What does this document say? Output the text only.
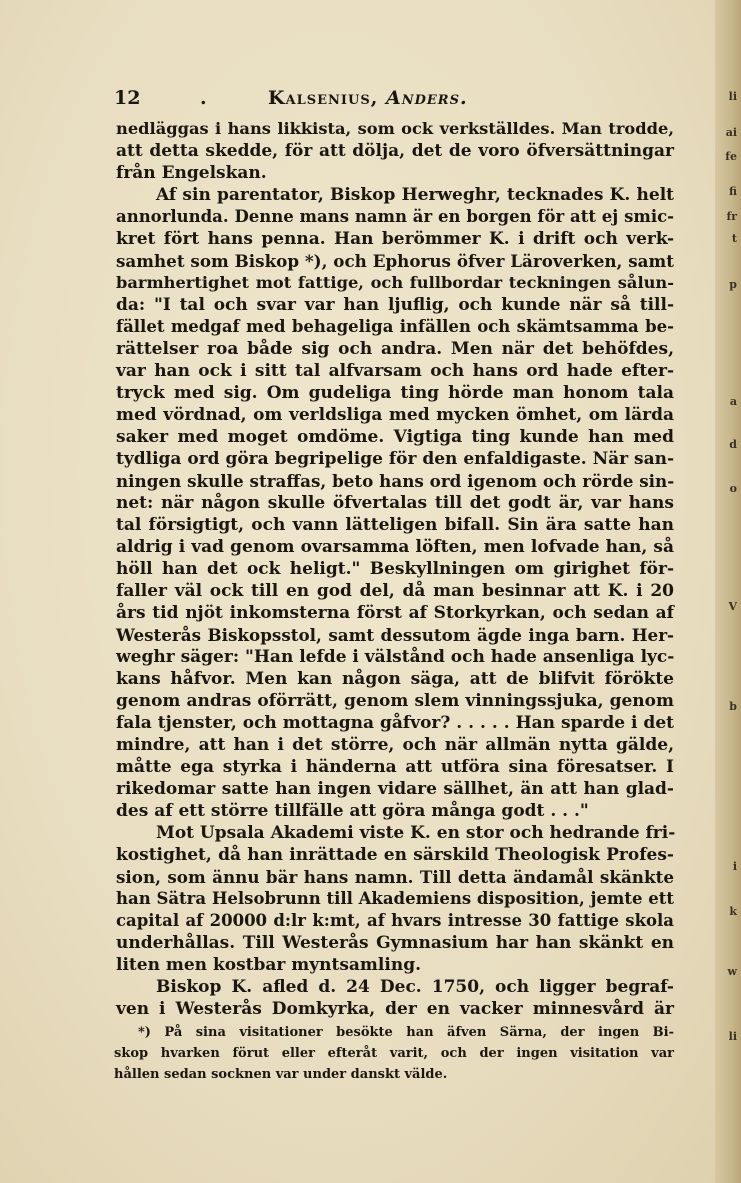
li
ai
fe
fi
fr
t
p
a
d
o
V
b
i
k
w
li
12	.	Kalsenius, Anders.
nedläggas i hans likkista, som ock verkställdes. Man trodde,
att detta skedde, för att dölja, det de voro öfversättningar
från Engelskan.
Af sin parentator, Biskop Herweghr, tecknades K. helt
annorlunda. Denne mans namn är en borgen för att ej smic-
kret fört hans penna. Han berömmer K. i drift och verk-
samhet som Biskop *), och Ephorus öfver Läroverken, samt
barmhertighet mot fattige, och fullbordar teckningen sålun-
da: "I tal och svar var han ljuflig, och kunde när så till-
fället medgaf med behageliga infällen och skämtsamma be-
rättelser roa både sig och andra. Men när det behöfdes,
var han ock i sitt tal alfvarsam och hans ord hade efter-
tryck med sig. Om gudeliga ting hörde man honom tala
med vördnad, om verldsliga med mycken ömhet, om lärda
saker med moget omdöme. Vigtiga ting kunde han med
tydliga ord göra begripelige för den enfaldigaste. När san-
ningen skulle straffas, beto hans ord igenom och rörde sin-
net: när någon skulle öfvertalas till det godt är, var hans
tal försigtigt, och vann lätteligen bifall. Sin ära satte han
aldrig i vad genom ovarsamma löften, men lofvade han, så
höll han det ock heligt." Beskyllningen om girighet för-
faller väl ock till en god del, då man besinnar att K. i 20
års tid njöt inkomsterna först af Storkyrkan, och sedan af
Westerås Biskopsstol, samt dessutom ägde inga barn. Her-
weghr säger: "Han lefde i välstånd och hade ansenliga lyc-
kans håfvor. Men kan någon säga, att de blifvit förökte
genom andras oförrätt, genom slem vinningssjuka, genom
fala tjenster, och mottagna gåfvor? . . . . . Han sparde i det
mindre, att han i det större, och när allmän nytta gälde,
måtte ega styrka i händerna att utföra sina föresatser. I
rikedomar satte han ingen vidare sällhet, än att han glad-
des af ett större tillfälle att göra många godt . . ."
Mot Upsala Akademi viste K. en stor och hedrande fri-
kostighet, då han inrättade en särskild Theologisk Profes-
sion, som ännu bär hans namn. Till detta ändamål skänkte
han Sätra Helsobrunn till Akademiens disposition, jemte ett
capital af 20000 d:lr k:mt, af hvars intresse 30 fattige skola
underhållas. Till Westerås Gymnasium har han skänkt en
liten men kostbar myntsamling.
Biskop K. afled d. 24 Dec. 1750, och ligger begraf-
ven i Westerås Domkyrka, der en vacker minnesvård är
*) På sina visitationer besökte han äfven Särna, der ingen Bi-
skop hvarken förut eller efteråt varit, och der ingen visitation var
hållen sedan socknen var under danskt välde.
